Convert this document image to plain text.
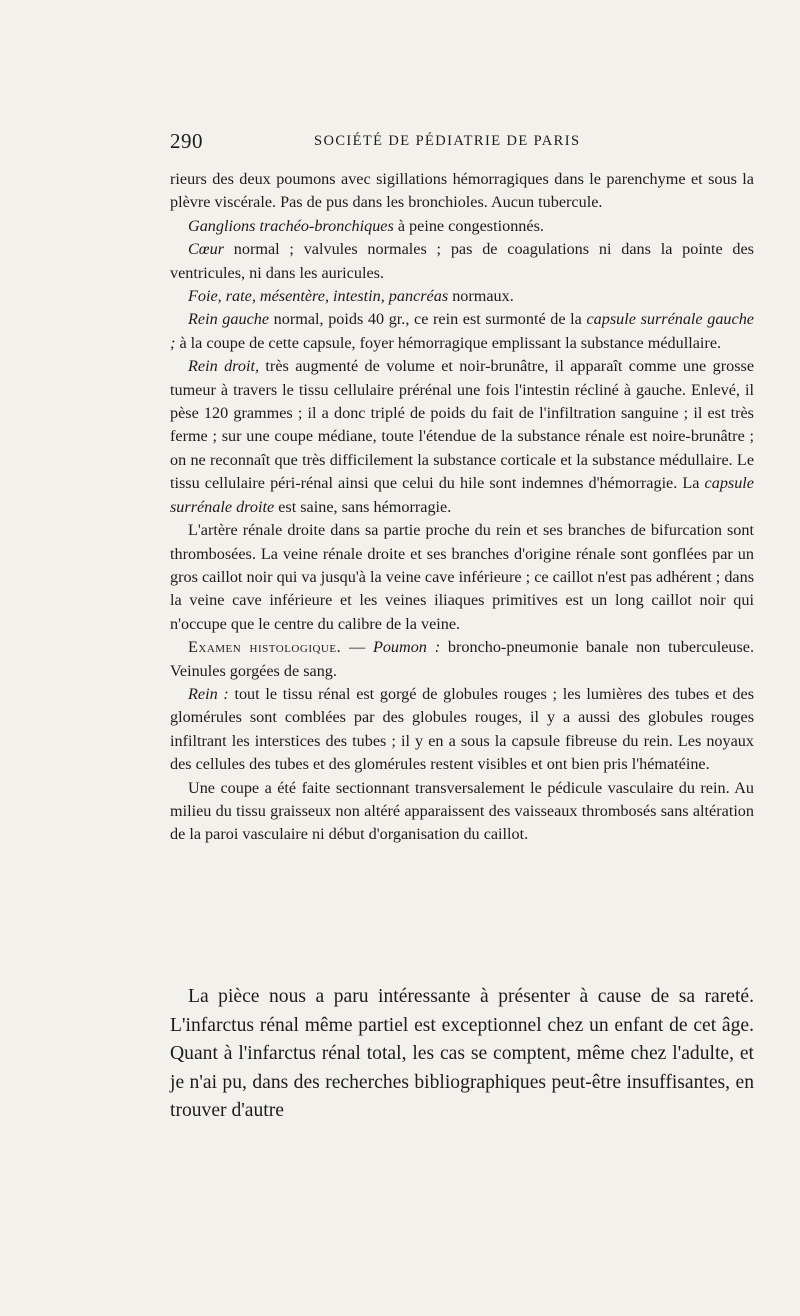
290	SOCIÉTÉ DE PÉDIATRIE DE PARIS

rieurs des deux poumons avec sigillations hémorragiques dans le parenchyme et sous la plèvre viscérale. Pas de pus dans les bronchioles. Aucun tubercule.

Ganglions trachéo-bronchiques à peine congestionnés.

Cœur normal ; valvules normales ; pas de coagulations ni dans la pointe des ventricules, ni dans les auricules.

Foie, rate, mésentère, intestin, pancréas normaux.

Rein gauche normal, poids 40 gr., ce rein est surmonté de la capsule surrénale gauche ; à la coupe de cette capsule, foyer hémorragique emplissant la substance médullaire.

Rein droit, très augmenté de volume et noir-brunâtre, il apparaît comme une grosse tumeur à travers le tissu cellulaire prérénal une fois l'intestin récliné à gauche. Enlevé, il pèse 120 grammes ; il a donc triplé de poids du fait de l'infiltration sanguine ; il est très ferme ; sur une coupe médiane, toute l'étendue de la substance rénale est noire-brunâtre ; on ne reconnaît que très difficilement la substance corticale et la substance médullaire. Le tissu cellulaire péri-rénal ainsi que celui du hile sont indemnes d'hémorragie. La capsule surrénale droite est saine, sans hémorragie.

L'artère rénale droite dans sa partie proche du rein et ses branches de bifurcation sont thrombosées. La veine rénale droite et ses branches d'origine rénale sont gonflées par un gros caillot noir qui va jusqu'à la veine cave inférieure ; ce caillot n'est pas adhérent ; dans la veine cave inférieure et les veines iliaques primitives est un long caillot noir qui n'occupe que le centre du calibre de la veine.

Examen histologique. — Poumon : broncho-pneumonie banale non tuberculeuse. Veinules gorgées de sang.

Rein : tout le tissu rénal est gorgé de globules rouges ; les lumières des tubes et des glomérules sont comblées par des globules rouges, il y a aussi des globules rouges infiltrant les interstices des tubes ; il y en a sous la capsule fibreuse du rein. Les noyaux des cellules des tubes et des glomérules restent visibles et ont bien pris l'hématéine.

Une coupe a été faite sectionnant transversalement le pédicule vasculaire du rein. Au milieu du tissu graisseux non altéré apparaissent des vaisseaux thrombosés sans altération de la paroi vasculaire ni début d'organisation du caillot.

La pièce nous a paru intéressante à présenter à cause de sa rareté. L'infarctus rénal même partiel est exceptionnel chez un enfant de cet âge. Quant à l'infarctus rénal total, les cas se comptent, même chez l'adulte, et je n'ai pu, dans des recherches bibliographiques peut-être insuffisantes, en trouver d'autre
